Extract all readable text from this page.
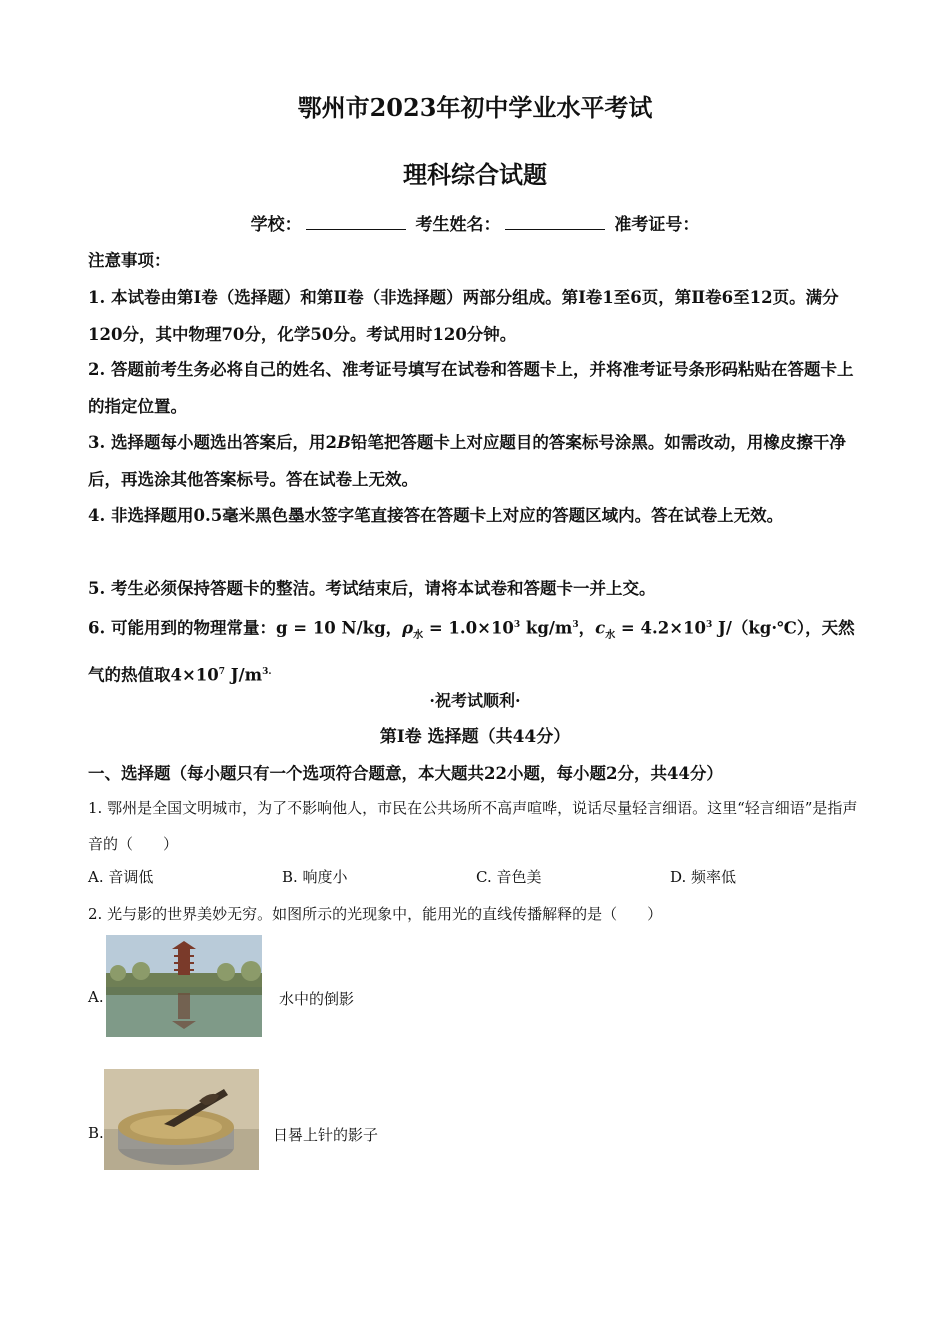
鄂州市2023年初中学业水平考试
理科综合试题
学校：	考生姓名：	准考证号：
注意事项：
1. 本试卷由第Ⅰ卷（选择题）和第Ⅱ卷（非选择题）两部分组成。第Ⅰ卷1至6页，第Ⅱ卷6至12页。满分120分，其中物理70分，化学50分。考试用时120分钟。
2. 答题前考生务必将自己的姓名、准考证号填写在试卷和答题卡上，并将准考证号条形码粘贴在答题卡上的指定位置。
3. 选择题每小题选出答案后，用2B铅笔把答题卡上对应题目的答案标号涂黑。如需改动，用橡皮擦干净后，再选涂其他答案标号。答在试卷上无效。
4. 非选择题用0.5毫米黑色墨水签字笔直接答在答题卡上对应的答题区域内。答在试卷上无效。
5. 考生必须保持答题卡的整洁。考试结束后，请将本试卷和答题卡一并上交。
6. 可能用到的物理常量：g = 10 N/kg，$\rho_水 = 1.0\times 10^3$ $kg/m^3$，$c_水 = 4.2\times 10^3$ J/（kg·℃），天然气的热值取$4\times 10^7$ $J/m^{3.}$
·祝考试顺利·
第Ⅰ卷 选择题（共44分）
一、选择题（每小题只有一个选项符合题意，本大题共22小题，每小题2分，共44分）
1. 鄂州是全国文明城市，为了不影响他人，市民在公共场所不高声喧哗，说话尽量轻言细语。这里“轻言细语”是指声音的（　　）
A. 音调低	B. 响度小	C. 音色美	D. 频率低
2. 光与影的世界美妙无穷。如图所示的光现象中，能用光的直线传播解释的是（　　）
A.	水中的倒影
B.	日晷上针的影子
